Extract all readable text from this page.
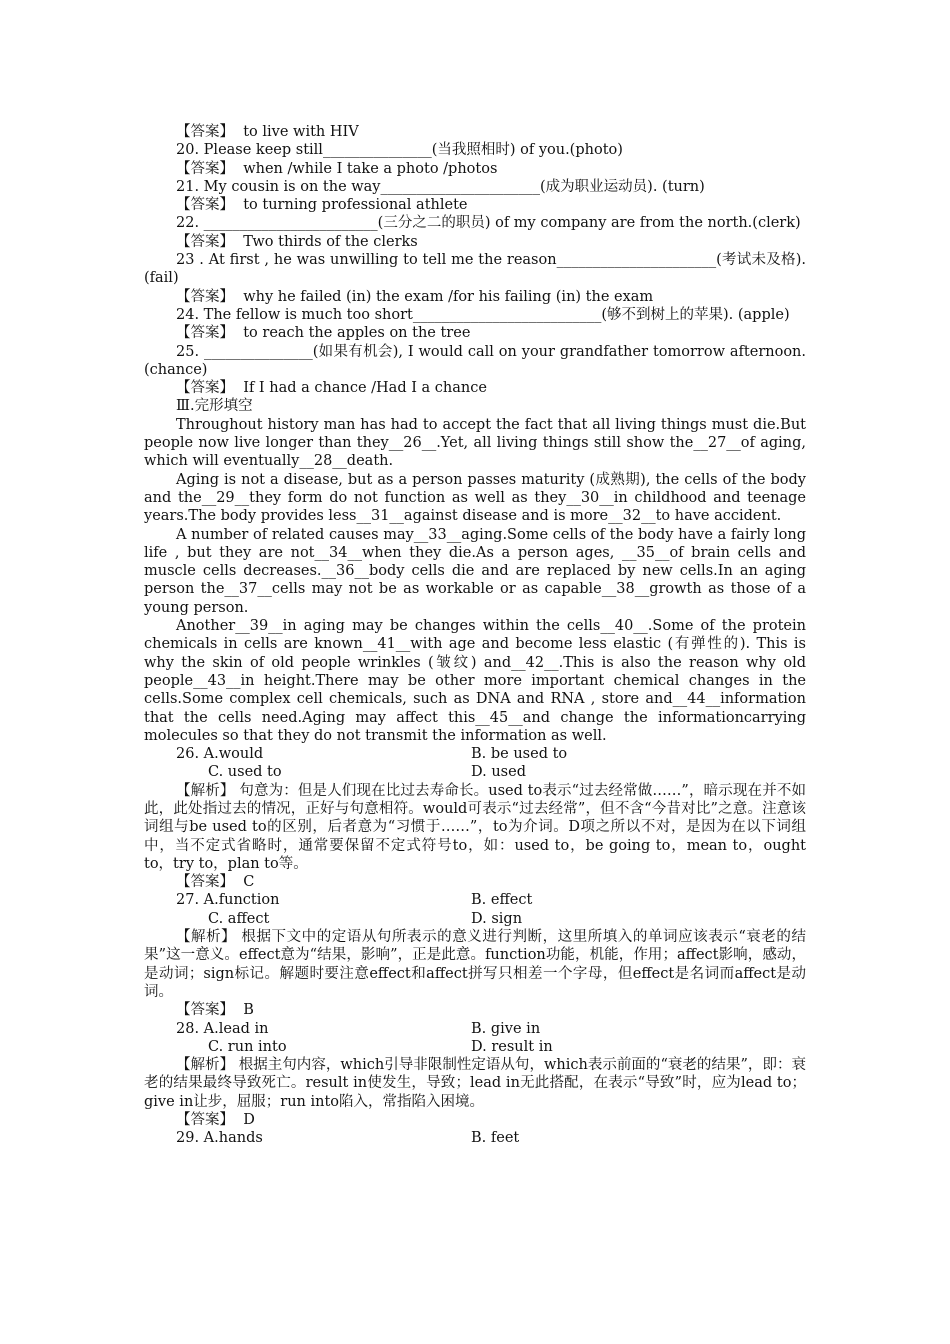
【答案】  to live with HIV

20. Please keep still_______________(当我照相时) of you.(photo)

【答案】  when /while I take a photo /photos

21. My cousin is on the way______________________(成为职业运动员). (turn)

【答案】  to turning professional athlete

22. ________________________(三分之二的职员) of my company are from the north.(clerk)

【答案】  Two thirds of the clerks

23 . At first , he was unwilling to tell me the reason______________________(考试未及格). (fail)

【答案】  why he failed (in) the exam /for his failing (in) the exam

24. The fellow is much too short__________________________(够不到树上的苹果). (apple)

【答案】  to reach the apples on the tree

25. _______________(如果有机会), I would call on your grandfather tomorrow afternoon.(chance)

【答案】  If I had a chance /Had I a chance

Ⅲ.完形填空

Throughout history man has had to accept the fact that all living things must die.But people now live longer than they__26__.Yet, all living things still show the__27__of aging, which will eventually__28__death.

Aging is not a disease, but as a person passes maturity (成熟期), the cells of the body and the__29__they form do not function as well as they__30__in childhood and teenage years.The body provides less__31__against disease and is more__32__to have accident.

A number of related causes may__33__aging.Some cells of the body have a fairly long life , but they are not__34__when they die.As a person ages, __35__of brain cells and muscle cells decreases.__36__body cells die and are replaced by new cells.In an aging person the__37__cells may not be as workable or as capable__38__growth as those of a young person.

Another__39__in aging may be changes within the cells__40__.Some of the protein chemicals in cells are known__41__with age and become less elastic (有弹性的). This is why the skin of old people wrinkles (皱纹) and__42__.This is also the reason why old people__43__in height.There may be other more important chemical changes in the cells.Some complex cell chemicals, such as DNA and RNA , store and__44__information that the cells need.Aging may affect this__45__and change the informationcarrying molecules so that they do not transmit the information as well.

26. A.would	B. be used to
C. used to	D. used

【解析】 句意为：但是人们现在比过去寿命长。used to表示“过去经常做……”，暗示现在并不如此，此处指过去的情况，正好与句意相符。would可表示“过去经常”，但不含“今昔对比”之意。注意该词组与be used to的区别，后者意为“习惯于……”，to为介词。D项之所以不对，是因为在以下词组中，当不定式省略时，通常要保留不定式符号to，如：used to，be going to，mean to，ought to，try to，plan to等。

【答案】  C

27. A.function	B. effect
C. affect	D. sign

【解析】 根据下文中的定语从句所表示的意义进行判断，这里所填入的单词应该表示“衰老的结果”这一意义。effect意为“结果，影响”，正是此意。function功能，机能，作用；affect影响，感动，是动词；sign标记。解题时要注意effect和affect拼写只相差一个字母，但effect是名词而affect是动词。

【答案】  B

28. A.lead in	B. give in
C. run into	D. result in

【解析】 根据主句内容，which引导非限制性定语从句，which表示前面的“衰老的结果”，即：衰老的结果最终导致死亡。result in使发生，导致；lead in无此搭配，在表示“导致”时，应为lead to；give in让步，屈服；run into陷入，常指陷入困境。

【答案】  D

29. A.hands	B. feet
